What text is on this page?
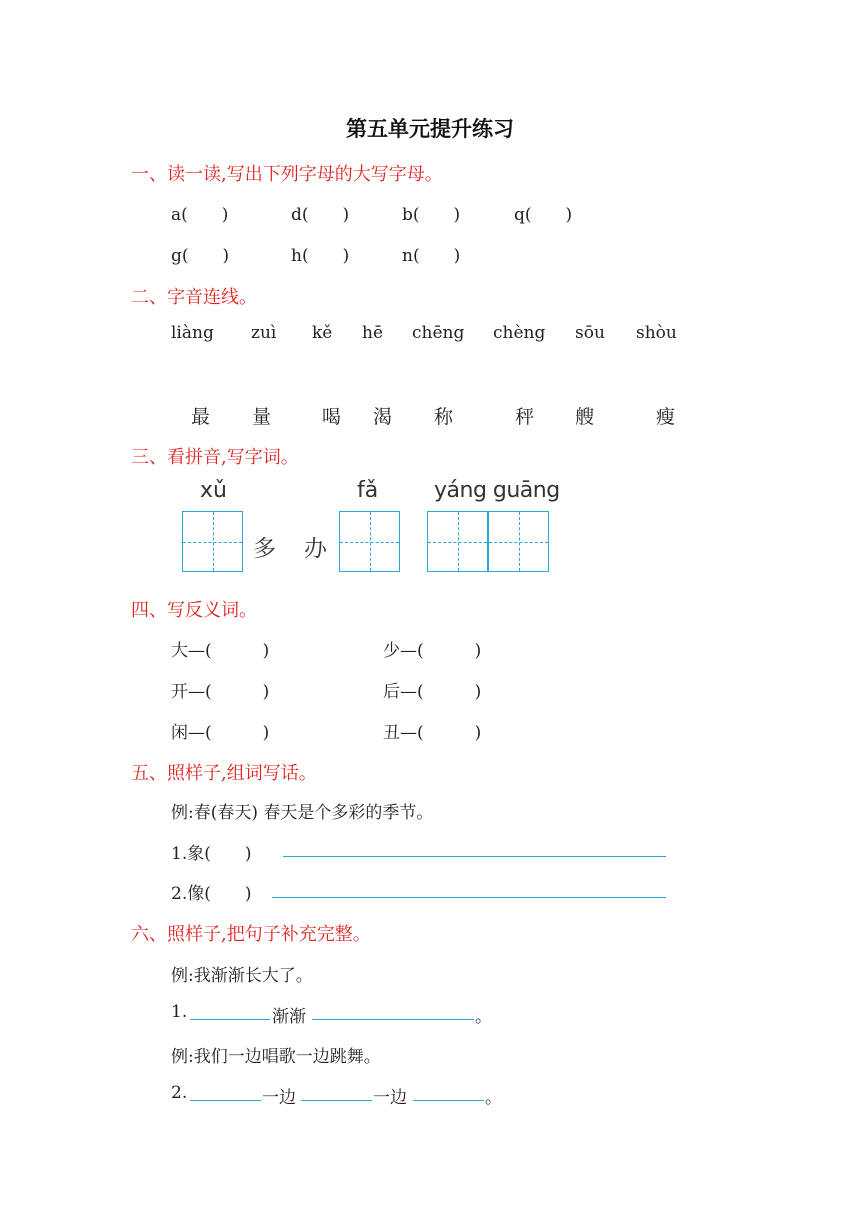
第五单元提升练习
一、读一读,写出下列字母的大写字母。
a(　　)	d(　　)	b(　　)	q(　　)
g(　　)	h(　　)	n(　　)
二、字音连线。
liàng zuì kě hē chēng chèng sōu shòu
最 量	喝 渴 称	秤 艘	瘦
三、看拼音,写字词。
xǔ	fǎ	yáng guāng
多 办
四、写反义词。
大—(　　　)	少—(　　　)
开—(　　　)	后—(　　　)
闲—(　　　)	丑—(　　　)
五、照样子,组词写话。
例:春(春天) 春天是个多彩的季节。
1.象(　　)
2.像(　　)
六、照样子,把句子补充完整。
例:我渐渐长大了。
1.	渐渐	。
例:我们一边唱歌一边跳舞。
2.	一边	一边	。
